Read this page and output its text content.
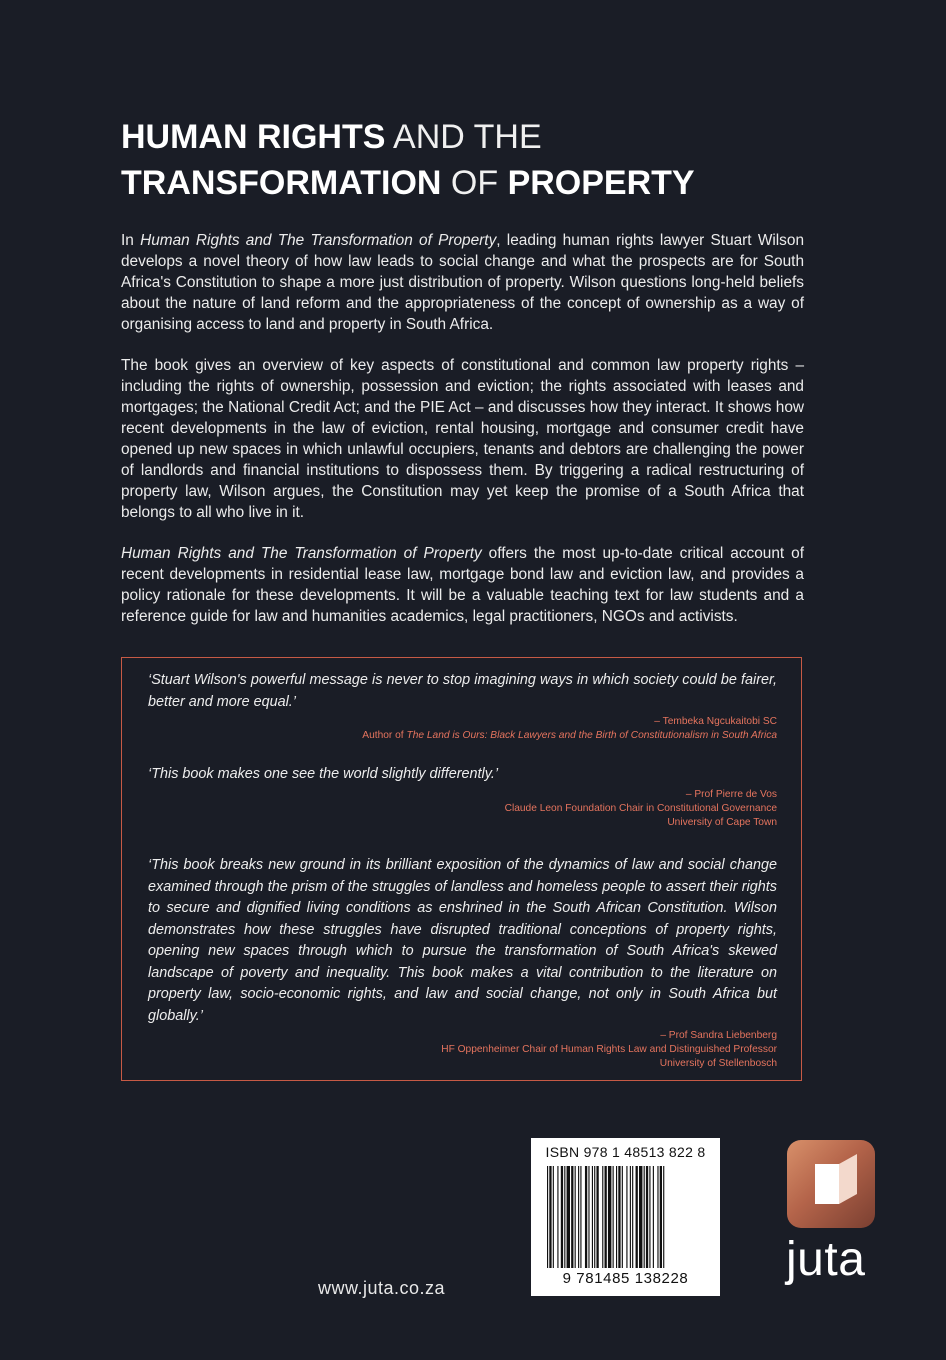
HUMAN RIGHTS AND THE
TRANSFORMATION OF PROPERTY

In Human Rights and The Transformation of Property, leading human rights lawyer Stuart Wilson develops a novel theory of how law leads to social change and what the prospects are for South Africa's Constitution to shape a more just distribution of property. Wilson questions long-held beliefs about the nature of land reform and the appropriateness of the concept of ownership as a way of organising access to land and property in South Africa.

The book gives an overview of key aspects of constitutional and common law property rights – including the rights of ownership, possession and eviction; the rights associated with leases and mortgages; the National Credit Act; and the PIE Act – and discusses how they interact. It shows how recent developments in the law of eviction, rental housing, mortgage and consumer credit have opened up new spaces in which unlawful occupiers, tenants and debtors are challenging the power of landlords and financial institutions to dispossess them. By triggering a radical restructuring of property law, Wilson argues, the Constitution may yet keep the promise of a South Africa that belongs to all who live in it.

Human Rights and The Transformation of Property offers the most up-to-date critical account of recent developments in residential lease law, mortgage bond law and eviction law, and provides a policy rationale for these developments. It will be a valuable teaching text for law students and a reference guide for law and humanities academics, legal practitioners, NGOs and activists.

‘Stuart Wilson's powerful message is never to stop imagining ways in which society could be fairer, better and more equal.’
– Tembeka Ngcukaitobi SC
Author of The Land is Ours: Black Lawyers and the Birth of Constitutionalism in South Africa
‘This book makes one see the world slightly differently.’
– Prof Pierre de Vos
Claude Leon Foundation Chair in Constitutional Governance
University of Cape Town
‘This book breaks new ground in its brilliant exposition of the dynamics of law and social change examined through the prism of the struggles of landless and homeless people to assert their rights to secure and dignified living conditions as enshrined in the South African Constitution. Wilson demonstrates how these struggles have disrupted traditional conceptions of property rights, opening new spaces through which to pursue the transformation of South Africa's skewed landscape of poverty and inequality. This book makes a vital contribution to the literature on property law, socio-economic rights, and law and social change, not only in South Africa but globally.’
– Prof Sandra Liebenberg
HF Oppenheimer Chair of Human Rights Law and Distinguished Professor
University of Stellenbosch
www.juta.co.za
ISBN 978 1 48513 822 8
9 781485 138228	juta
